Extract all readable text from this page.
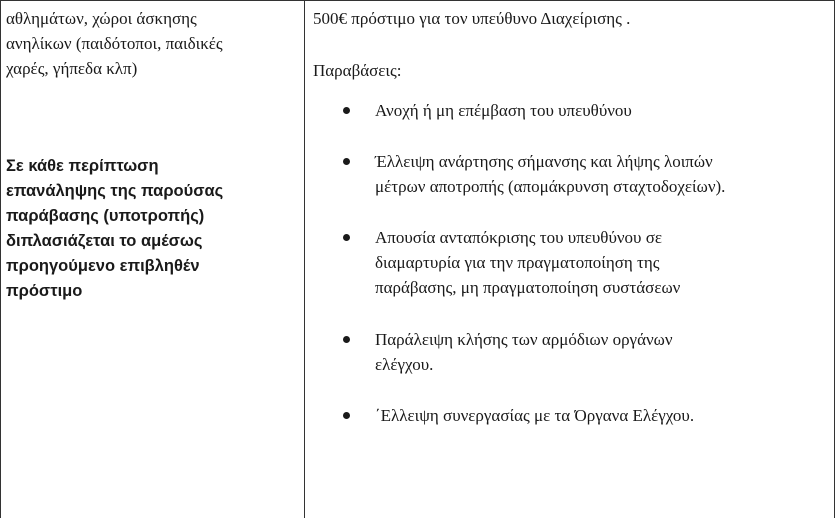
αθλημάτων, χώροι άσκησης
ανηλίκων (παιδότοποι, παιδικές
χαρές, γήπεδα κλπ)
Σε κάθε περίπτωση
επανάληψης της παρούσας
παράβασης (υποτροπής)
διπλασιάζεται το αμέσως
προηγούμενο επιβληθέν
πρόστιμο

500€ πρόστιμο για τον υπεύθυνο Διαχείρισης .

Παραβάσεις:

Ανοχή ή μη επέμβαση του υπευθύνου
Έλλειψη ανάρτησης σήμανσης και λήψης λοιπών
μέτρων αποτροπής (απομάκρυνση σταχτοδοχείων).
Απουσία ανταπόκρισης του υπευθύνου σε
διαμαρτυρία για την πραγματοποίηση της
παράβασης, μη πραγματοποίηση συστάσεων
Παράλειψη κλήσης των αρμόδιων οργάνων
ελέγχου.
΄Ελλειψη συνεργασίας με τα Όργανα Ελέγχου.
